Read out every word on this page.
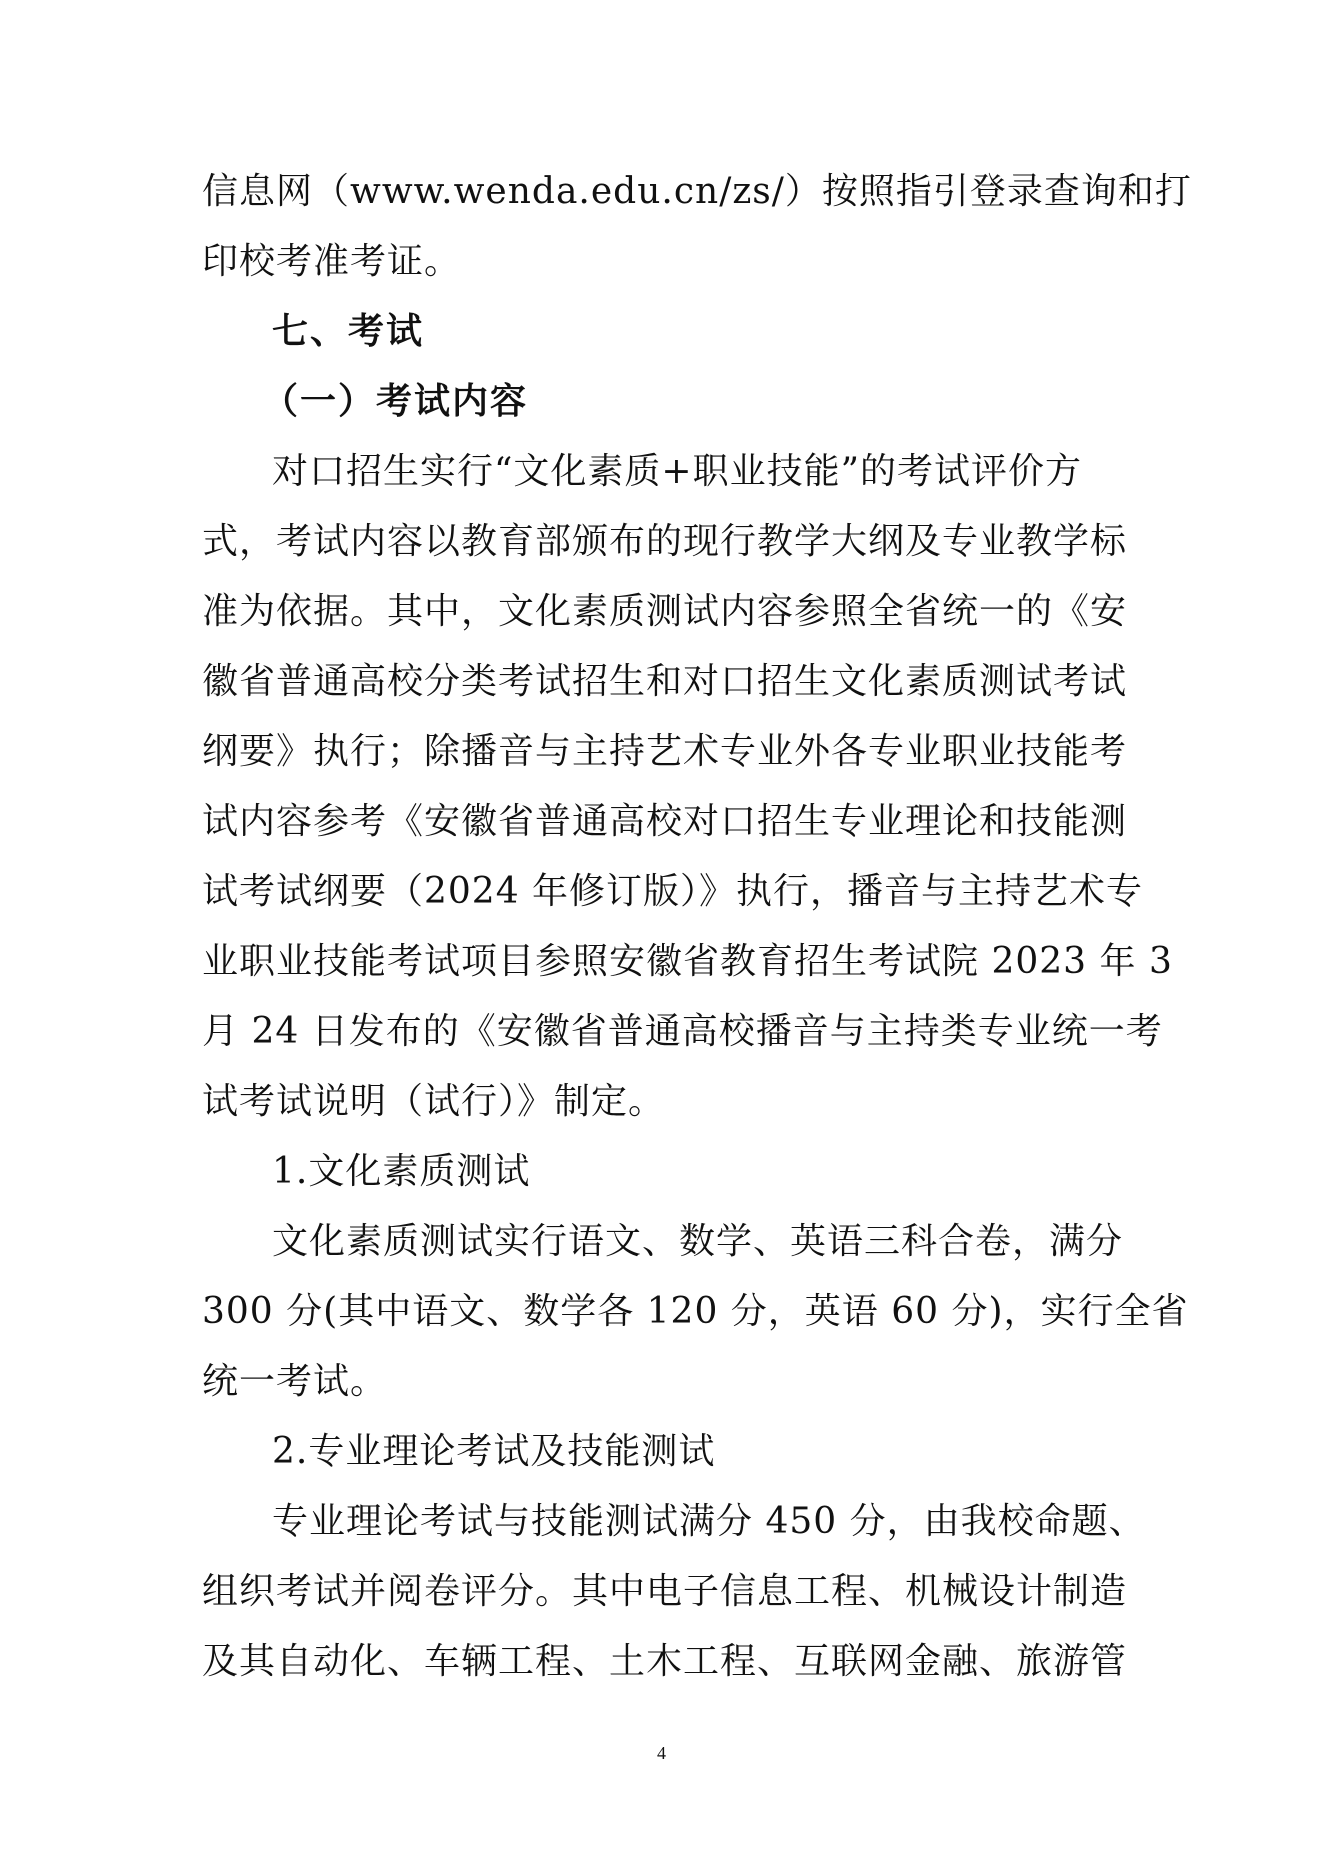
信息网（www.wenda.edu.cn/zs/）按照指引登录查询和打
印校考准考证。
七、考试
（一）考试内容
对口招生实行“文化素质+职业技能”的考试评价方
式，考试内容以教育部颁布的现行教学大纲及专业教学标
准为依据。其中，文化素质测试内容参照全省统一的《安
徽省普通高校分类考试招生和对口招生文化素质测试考试
纲要》执行；除播音与主持艺术专业外各专业职业技能考
试内容参考《安徽省普通高校对口招生专业理论和技能测
试考试纲要（2024 年修订版）》执行，播音与主持艺术专
业职业技能考试项目参照安徽省教育招生考试院 2023 年 3
月 24 日发布的《安徽省普通高校播音与主持类专业统一考
试考试说明（试行）》制定。
1.文化素质测试
文化素质测试实行语文、数学、英语三科合卷，满分
300 分(其中语文、数学各 120 分，英语 60 分)，实行全省
统一考试。
2.专业理论考试及技能测试
专业理论考试与技能测试满分 450 分，由我校命题、
组织考试并阅卷评分。其中电子信息工程、机械设计制造
及其自动化、车辆工程、土木工程、互联网金融、旅游管
4
